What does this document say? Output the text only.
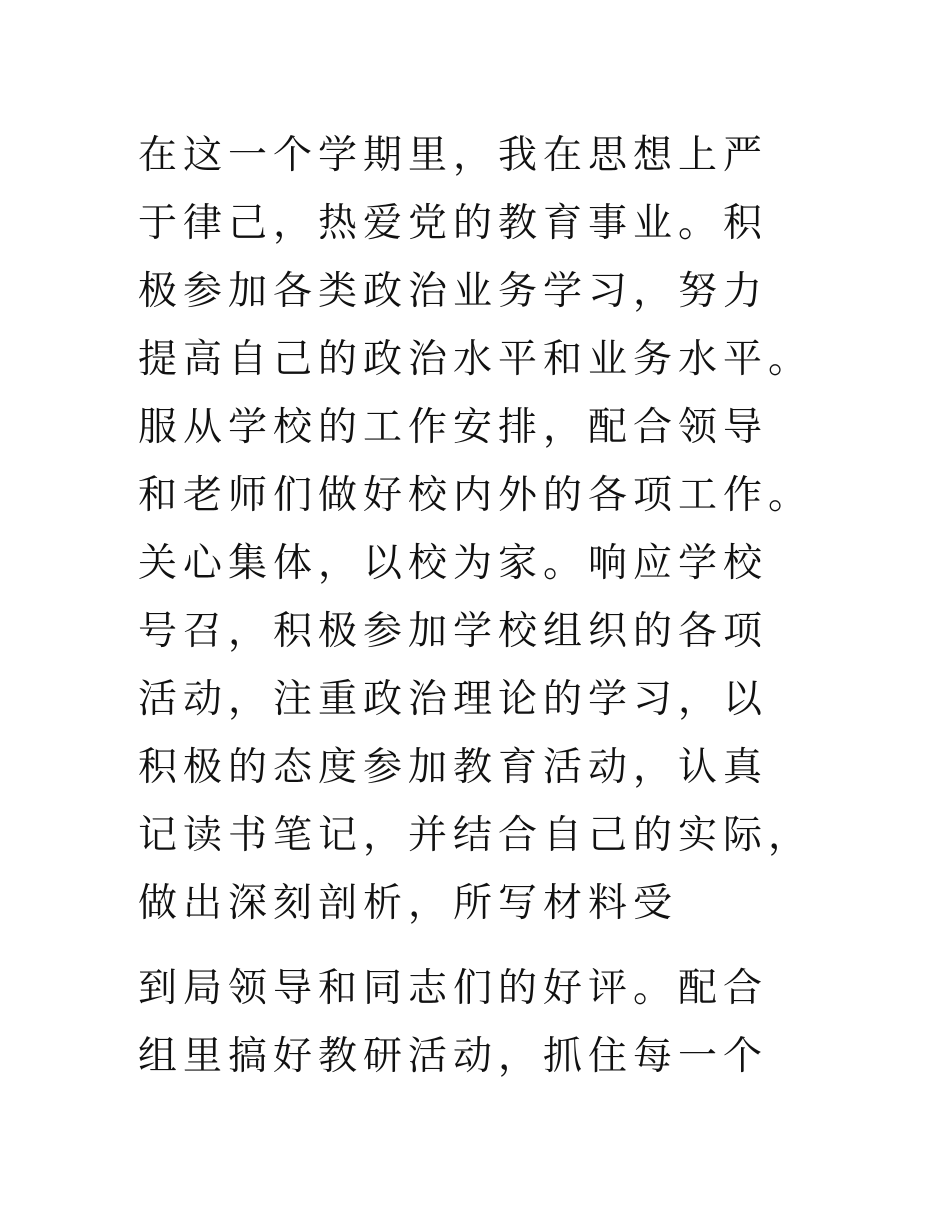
在这一个学期里，我在思想上严
于律己，热爱党的教育事业。积
极参加各类政治业务学习，努力
提高自己的政治水平和业务水平。
服从学校的工作安排，配合领导
和老师们做好校内外的各项工作。
关心集体，以校为家。响应学校
号召，积极参加学校组织的各项
活动，注重政治理论的学习，以
积极的态度参加教育活动，认真
记读书笔记，并结合自己的实际，
做出深刻剖析，所写材料受
到局领导和同志们的好评。配合
组里搞好教研活动，抓住每一个
